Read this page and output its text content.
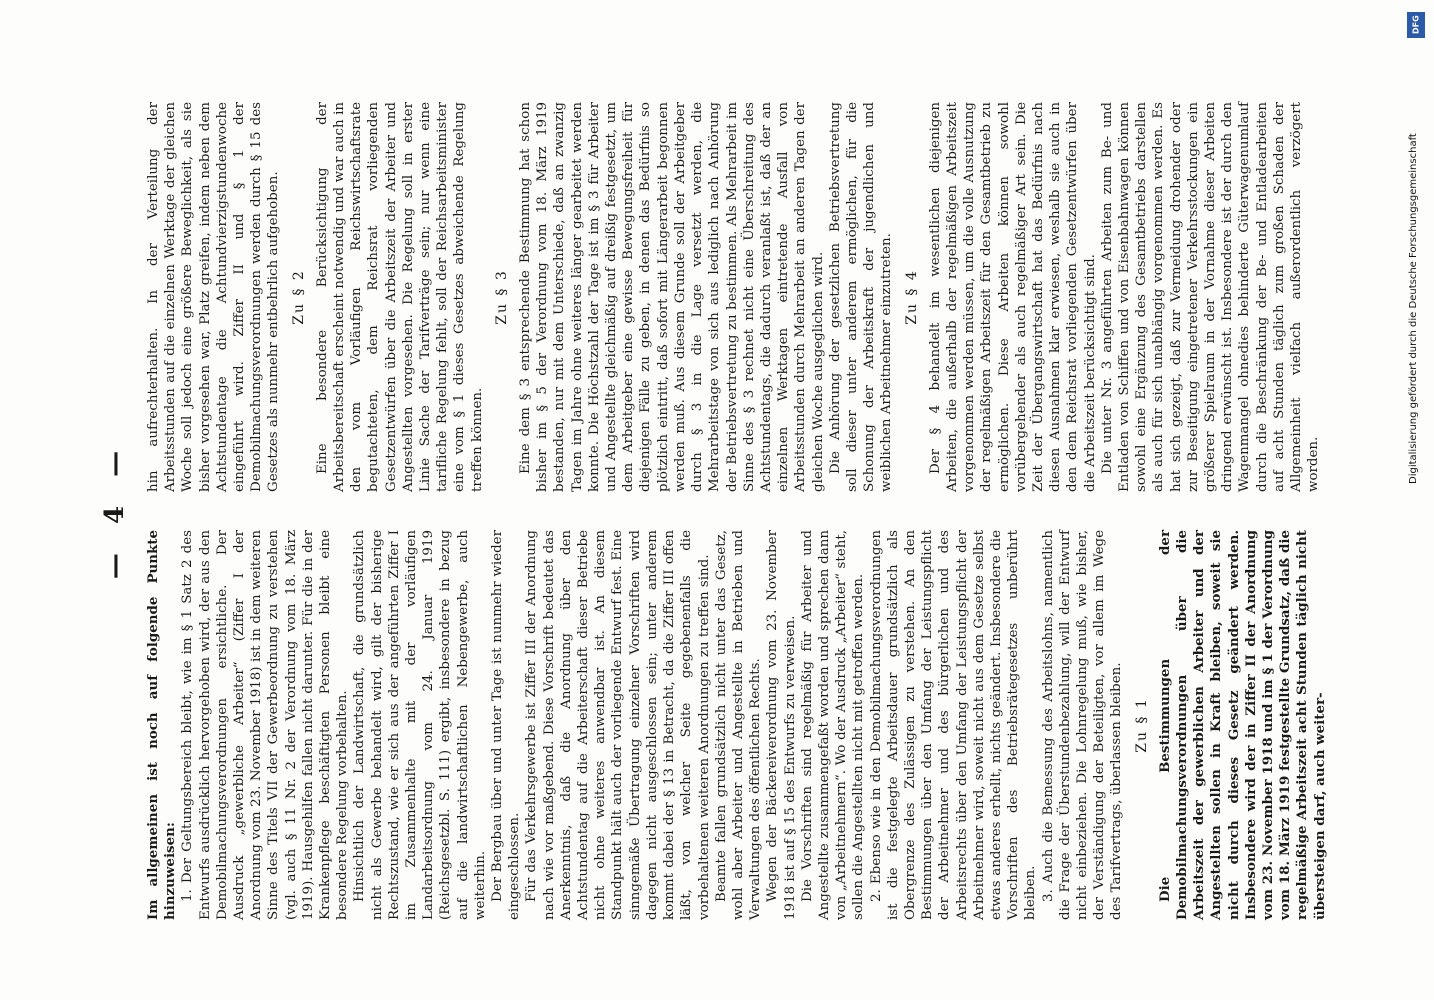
— 4 —

Im allgemeinen ist noch auf folgende Punkte hinzuweisen: 1. Der Geltungsbereich bleibt, wie im § 1 Satz 2 des Entwurfs ausdrücklich hervorgehoben wird, der aus den Demobilmachungsverordnungen ersichtliche. Der Ausdruck „gewerbliche Arbeiter“ (Ziffer I der Anordnung vom 23. November 1918) ist in dem weiteren Sinne des Titels VII der Gewerbeordnung zu verstehen (vgl. auch § 11 Nr. 2 der Verordnung vom 18. März 1919). Hausgehilfen fallen nicht darunter. Für die in der Krankenpflege beschäftigten Personen bleibt eine besondere Regelung vorbehalten. Hinsichtlich der Landwirtschaft, die grundsätzlich nicht als Gewerbe behandelt wird, gilt der bisherige Rechtszustand, wie er sich aus der angeführten Ziffer I im Zusammenhalte mit der vorläufigen Landarbeitsordnung vom 24. Januar 1919 (Reichsgesetzbl. S. 111) ergibt, insbesondere in bezug auf die landwirtschaftlichen Nebengewerbe, auch weiterhin. Der Bergbau über und unter Tage ist nunmehr wieder eingeschlossen. Für das Verkehrsgewerbe ist Ziffer III der Anordnung nach wie vor maßgebend. Diese Vorschrift bedeutet das Anerkenntnis, daß die Anordnung über den Achtstundentag auf die Arbeiterschaft dieser Betriebe nicht ohne weiteres anwendbar ist. An diesem Standpunkt hält auch der vorliegende Entwurf fest. Eine sinngemäße Übertragung einzelner Vorschriften wird dagegen nicht ausgeschlossen sein; unter anderem kommt dabei der § 13 in Betracht, da die Ziffer III offen läßt, von welcher Seite gegebenenfalls die vorbehaltenen weiteren Anordnungen zu treffen sind. Beamte fallen grundsätzlich nicht unter das Gesetz, wohl aber Arbeiter und Angestellte in Betrieben und Verwaltungen des öffentlichen Rechts. Wegen der Bäckereiverordnung vom 23. November 1918 ist auf § 15 des Entwurfs zu verweisen. Die Vorschriften sind regelmäßig für Arbeiter und Angestellte zusammengefaßt worden und sprechen dann von „Arbeitnehmern“. Wo der Ausdruck „Arbeiter“ steht, sollen die Angestellten nicht mit getroffen werden. 2. Ebenso wie in den Demobilmachungsverordnungen ist die festgelegte Arbeitsdauer grundsätzlich als Obergrenze des Zulässigen zu verstehen. An den Bestimmungen über den Umfang der Leistungspflicht der Arbeitnehmer und des bürgerlichen und des Arbeitsrechts über den Umfang der Leistungspflicht der Arbeitnehmer wird, soweit nicht aus dem Gesetze selbst etwas anderes erhellt, nichts geändert. Insbesondere die Vorschriften des Betriebsrätegesetzes unberührt bleiben. 3. Auch die Bemessung des Arbeitslohns, namentlich die Frage der Überstundenbezahlung, will der Entwurf nicht einbeziehen. Die Lohnregelung muß, wie bisher, der Verständigung der Beteiligten, vor allem im Wege des Tarifvertrags, überlassen bleiben. Zu § 1 Die Bestimmungen der Demobilmachungsverordnungen über die Arbeitszeit der gewerblichen Arbeiter und der Angestellten sollen in Kraft bleiben, soweit sie nicht durch dieses Gesetz geändert werden. Insbesondere wird der in Ziffer II der Anordnung vom 23. November 1918 und im § 1 der Verordnung vom 18. März 1919 festgestellte Grundsatz, daß die regelmäßige Arbeitszeit acht Stunden täglich nicht übersteigen darf, auch weiter-

hin aufrechterhalten. In der Verteilung der Arbeitsstunden auf die einzelnen Werktage der gleichen Woche soll jedoch eine größere Beweglichkeit, als sie bisher vorgesehen war, Platz greifen, indem neben dem Achtstundentage die Achtundvierzigstundenwoche eingeführt wird. Ziffer II und § 1 der Demobilmachungsverordnungen werden durch § 15 des Gesetzes als nunmehr entbehrlich aufgehoben. Zu § 2 Eine besondere Berücksichtigung der Arbeitsbereitschaft erscheint notwendig und war auch in den vom Vorläufigen Reichswirtschaftsrate begutachteten, dem Reichsrat vorliegenden Gesetzentwürfen über die Arbeitszeit der Arbeiter und Angestellten vorgesehen. Die Regelung soll in erster Linie Sache der Tarifverträge sein; nur wenn eine tarifliche Regelung fehlt, soll der Reichsarbeitsminister eine vom § 1 dieses Gesetzes abweichende Regelung treffen können.

Zu § 3 Eine dem § 3 entsprechende Bestimmung hat schon bisher im § 5 der Verordnung vom 18. März 1919 bestanden, nur mit dem Unterschiede, daß an zwanzig Tagen im Jahre ohne weiteres länger gearbeitet werden konnte. Die Höchstzahl der Tage ist im § 3 für Arbeiter und Angestellte gleichmäßig auf dreißig festgesetzt, um dem Arbeitgeber eine gewisse Bewegungsfreiheit für diejenigen Fälle zu geben, in denen das Bedürfnis so plötzlich eintritt, daß sofort mit Längerarbeit begonnen werden muß. Aus diesem Grunde soll der Arbeitgeber durch § 3 in die Lage versetzt werden, die Mehrarbeitstage von sich aus lediglich nach Anhörung der Betriebsvertretung zu bestimmen. Als Mehrarbeit im Sinne des § 3 rechnet nicht eine Überschreitung des Achtstundentags, die dadurch veranlaßt ist, daß der an einzelnen Werktagen eintretende Ausfall von Arbeitsstunden durch Mehrarbeit an anderen Tagen der gleichen Woche ausgeglichen wird. Die Anhörung der gesetzlichen Betriebsvertretung soll dieser unter anderem ermöglichen, für die Schonung der Arbeitskraft der jugendlichen und weiblichen Arbeitnehmer einzutreten. Zu § 4 Der § 4 behandelt im wesentlichen diejenigen Arbeiten, die außerhalb der regelmäßigen Arbeitszeit vorgenommen werden müssen, um die volle Ausnutzung der regelmäßigen Arbeitszeit für den Gesamtbetrieb zu ermöglichen. Diese Arbeiten können sowohl vorübergehender als auch regelmäßiger Art sein. Die Zeit der Übergangswirtschaft hat das Bedürfnis nach diesen Ausnahmen klar erwiesen, weshalb sie auch in den dem Reichsrat vorliegenden Gesetzentwürfen über die Arbeitszeit berücksichtigt sind. Die unter Nr. 3 angeführten Arbeiten zum Be- und Entladen von Schiffen und von Eisenbahnwagen können sowohl eine Ergänzung des Gesamtbetriebs darstellen als auch für sich unabhängig vorgenommen werden. Es hat sich gezeigt, daß zur Vermeidung drohender oder zur Beseitigung eingetretener Verkehrsstockungen ein größerer Spielraum in der Vornahme dieser Arbeiten dringend erwünscht ist. Insbesondere ist der durch den Wagenmangel ohnedies behinderte Güterwagenumlauf durch die Beschränkung der Be- und Entladearbeiten auf acht Stunden täglich zum großen Schaden der Allgemeinheit vielfach außerordentlich verzögert worden.

DFG
Digitalisierung gefördert durch die Deutsche Forschungsgemeinschaft
